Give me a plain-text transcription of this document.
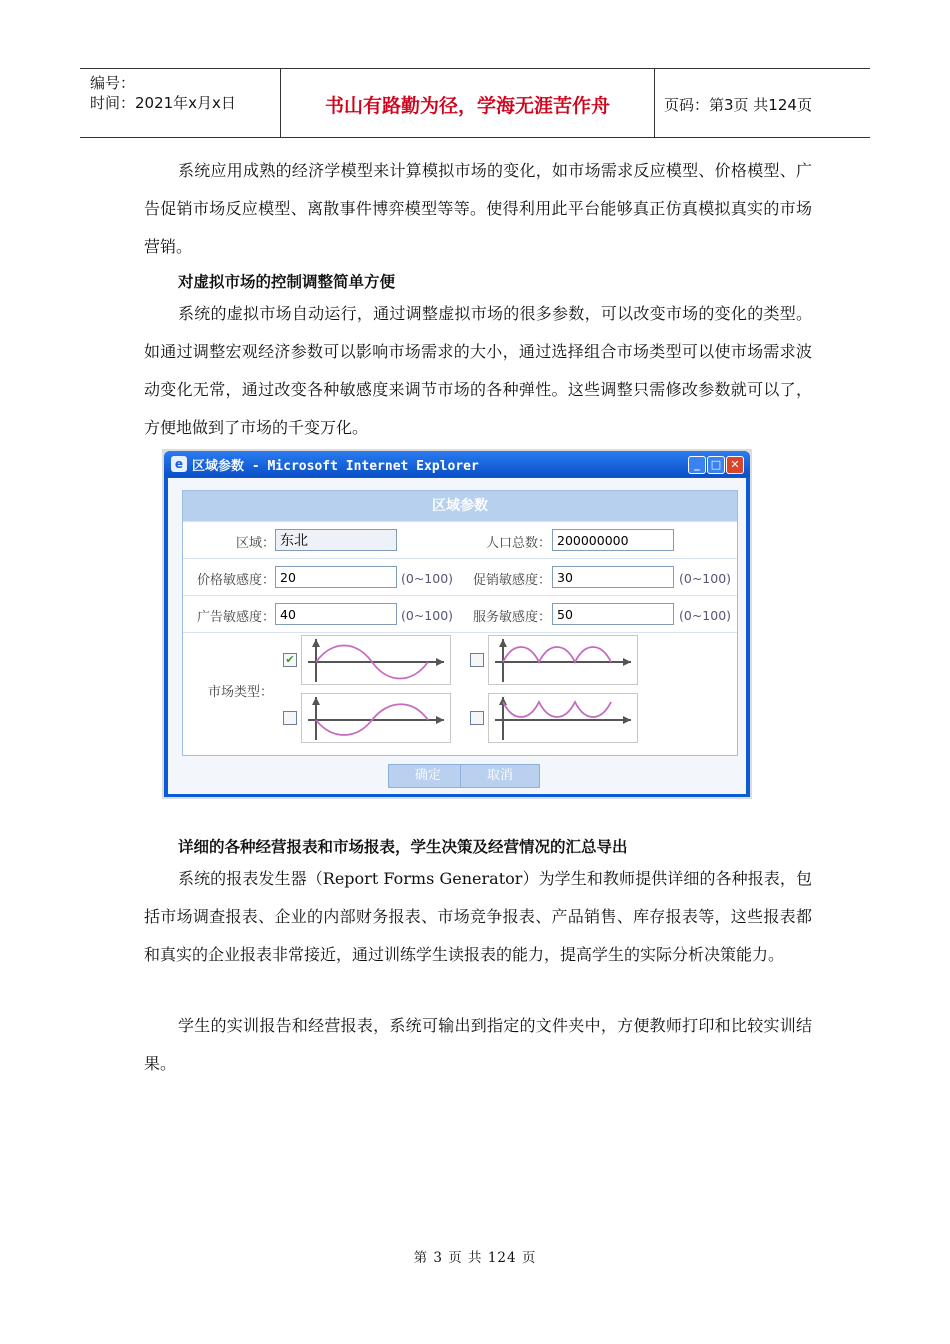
编号：
时间：2021年x月x日	书山有路勤为径，学海无涯苦作舟	页码：第3页 共124页
系统应用成熟的经济学模型来计算模拟市场的变化，如市场需求反应模型、价格模型、广告促销市场反应模型、离散事件博弈模型等等。使得利用此平台能够真正仿真模拟真实的市场营销。
对虚拟市场的控制调整简单方便
系统的虚拟市场自动运行，通过调整虚拟市场的很多参数，可以改变市场的变化的类型。如通过调整宏观经济参数可以影响市场需求的大小，通过选择组合市场类型可以使市场需求波动变化无常，通过改变各种敏感度来调节市场的各种弹性。这些调整只需修改参数就可以了，方便地做到了市场的千变万化。
e 区域参数 - Microsoft Internet Explorer	_	□ ✕
区域参数
区域： 东北	人口总数： 200000000
价格敏感度： 20	(0~100)	促销敏感度： 30	(0~100)
广告敏感度： 40	(0~100)	服务敏感度： 50	(0~100)
市场类型：
✔
确定	取消
详细的各种经营报表和市场报表，学生决策及经营情况的汇总导出
系统的报表发生器（Report Forms Generator）为学生和教师提供详细的各种报表，包括市场调查报表、企业的内部财务报表、市场竞争报表、产品销售、库存报表等，这些报表都和真实的企业报表非常接近，通过训练学生读报表的能力，提高学生的实际分析决策能力。
学生的实训报告和经营报表，系统可输出到指定的文件夹中，方便教师打印和比较实训结果。
第 3 页 共 124 页
